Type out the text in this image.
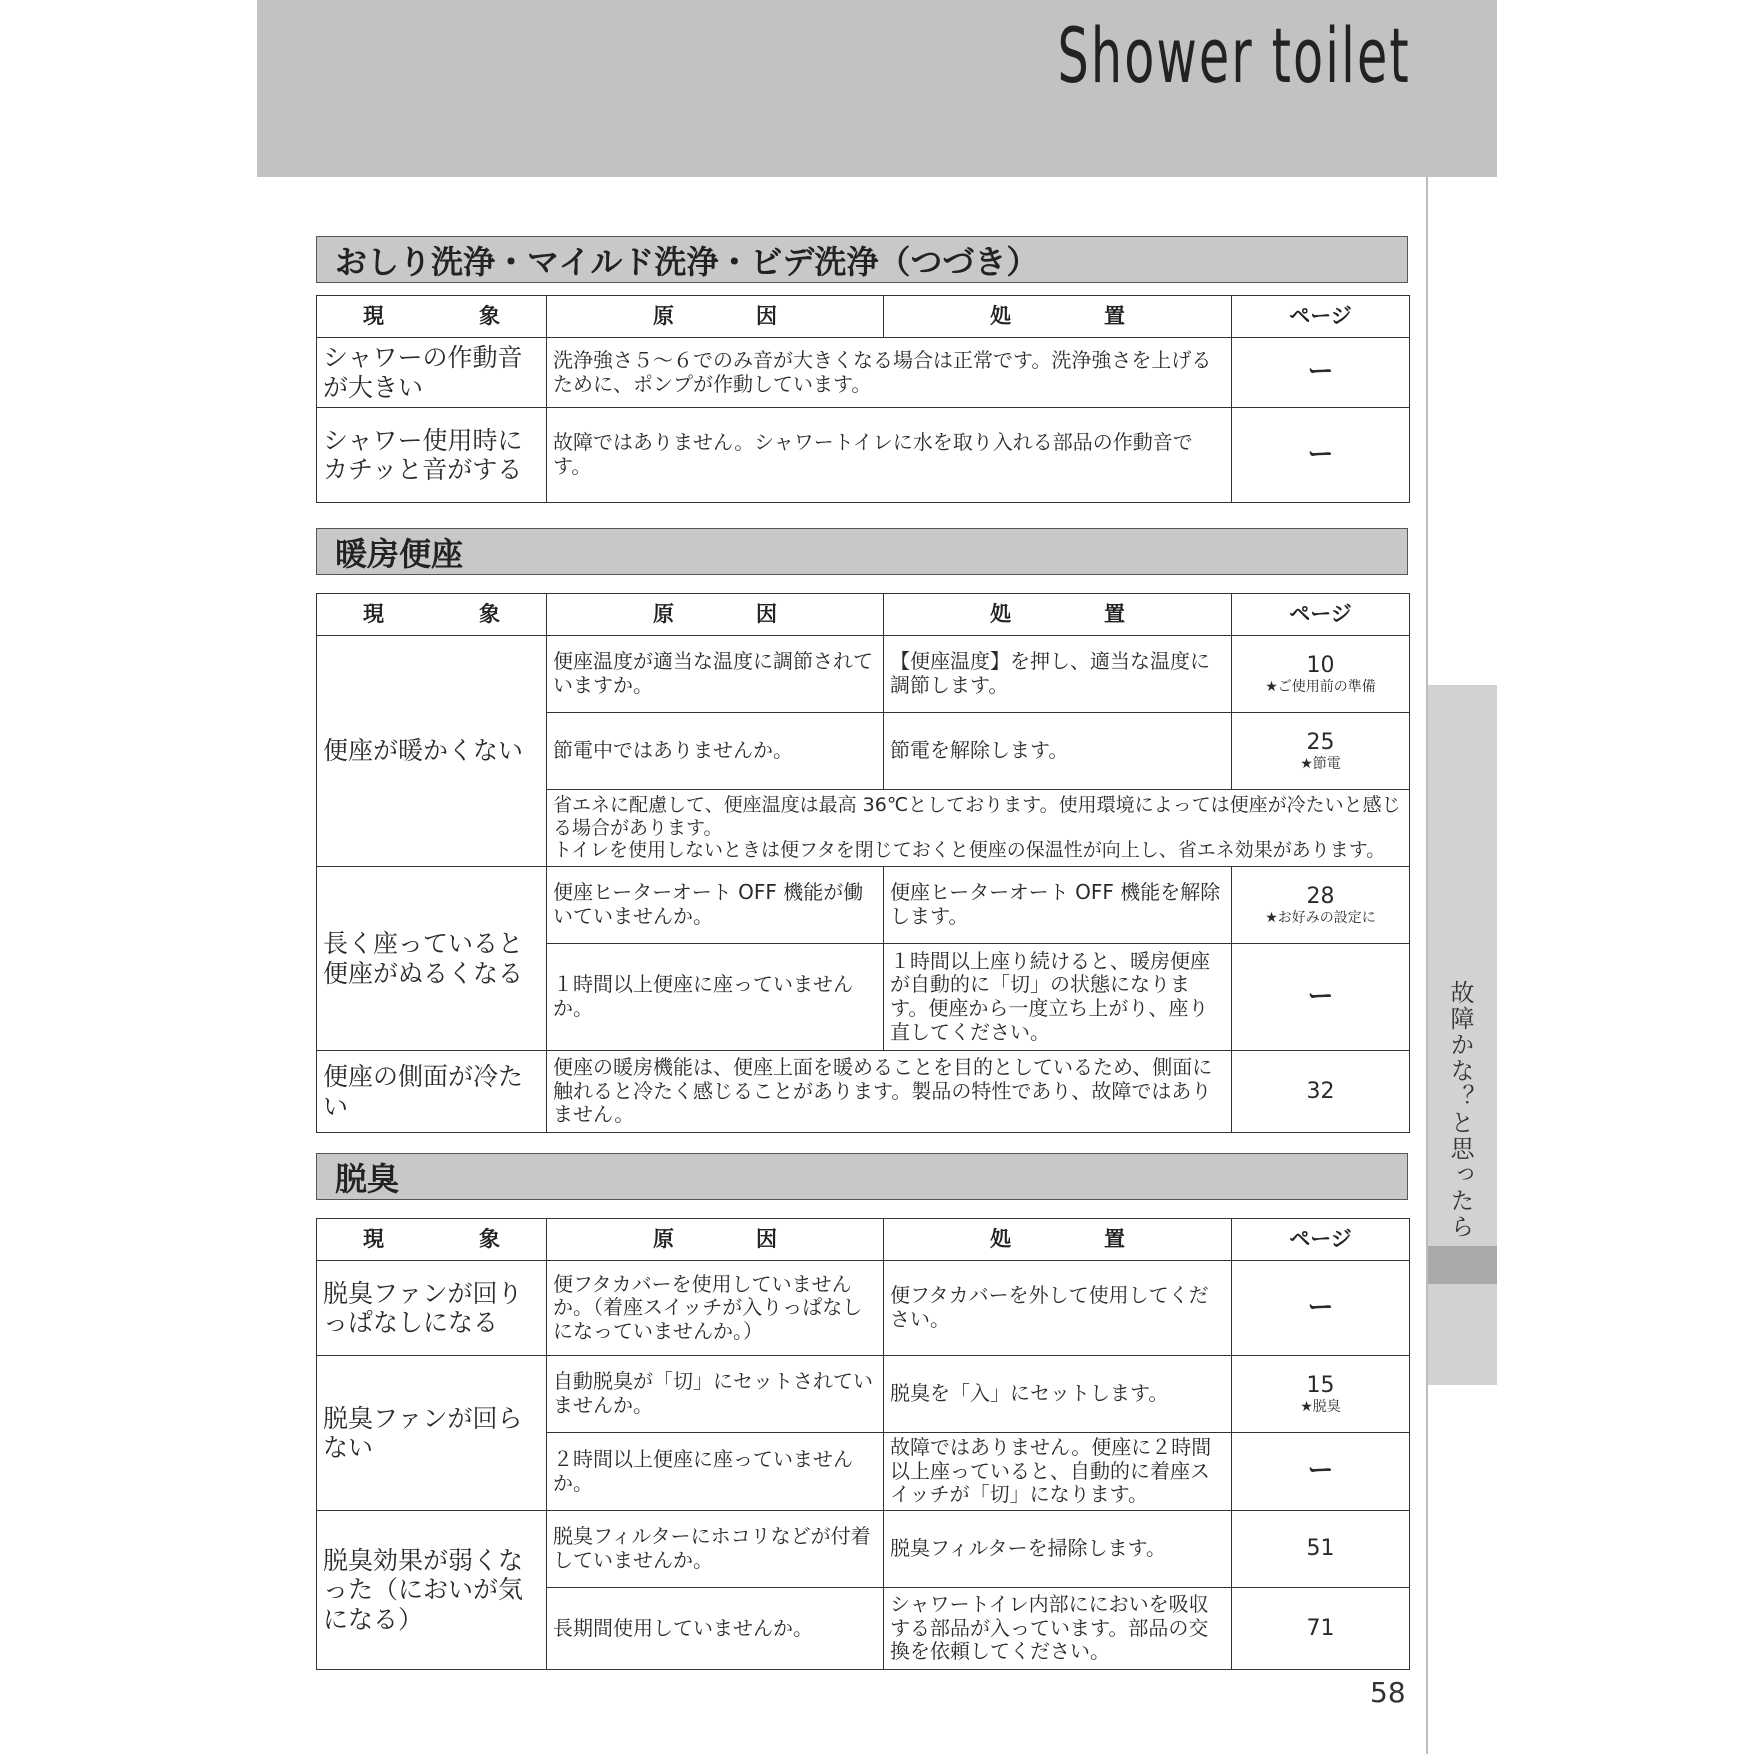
Shower toilet
故障かな？と思ったら
おしり洗浄・マイルド洗浄・ビデ洗浄（つづき）
現 象	原 因	処 置	ページ
シャワーの作動音が大きい	洗浄強さ５～６でのみ音が大きくなる場合は正常です。洗浄強さを上げるために、ポンプが作動しています。		ー
シャワー使用時にカチッと音がする	故障ではありません。シャワートイレに水を取り入れる部品の作動音です。		ー
暖房便座
現 象	原 因	処 置	ページ
便座が暖かくない	便座温度が適当な温度に調節されていますか。	【便座温度】を押し、適当な温度に調節します。	10
★ご使用前の準備

	節電中ではありませんか。	節電を解除します。	25
★節電

	省エネに配慮して、便座温度は最高 36℃としております。使用環境によっては便座が冷たいと感じる場合があります。
トイレを使用しないときは便フタを閉じておくと便座の保温性が向上し、省エネ効果があります。		

長く座っていると便座がぬるくなる	便座ヒーターオート OFF 機能が働いていませんか。	便座ヒーターオート OFF 機能を解除します。	28
★お好みの設定に

	１時間以上便座に座っていませんか。	１時間以上座り続けると、暖房便座が自動的に「切」の状態になります。便座から一度立ち上がり、座り直してください。	ー
便座の側面が冷たい	便座の暖房機能は、便座上面を暖めることを目的としているため、側面に触れると冷たく感じることがあります。製品の特性であり、故障ではありません。		32
脱臭
現 象	原 因	処 置	ページ
脱臭ファンが回りっぱなしになる	便フタカバーを使用していませんか。（着座スイッチが入りっぱなしになっていませんか。）	便フタカバーを外して使用してください。	ー
脱臭ファンが回らない	自動脱臭が「切」にセットされていませんか。	脱臭を「入」にセットします。	15
★脱臭

	２時間以上便座に座っていませんか。	故障ではありません。便座に２時間以上座っていると、自動的に着座スイッチが「切」になります。	ー
脱臭効果が弱くなった（においが気になる）	脱臭フィルターにホコリなどが付着していませんか。	脱臭フィルターを掃除します。	51

	長期間使用していませんか。	シャワートイレ内部ににおいを吸収する部品が入っています。部品の交換を依頼してください。	71
58
